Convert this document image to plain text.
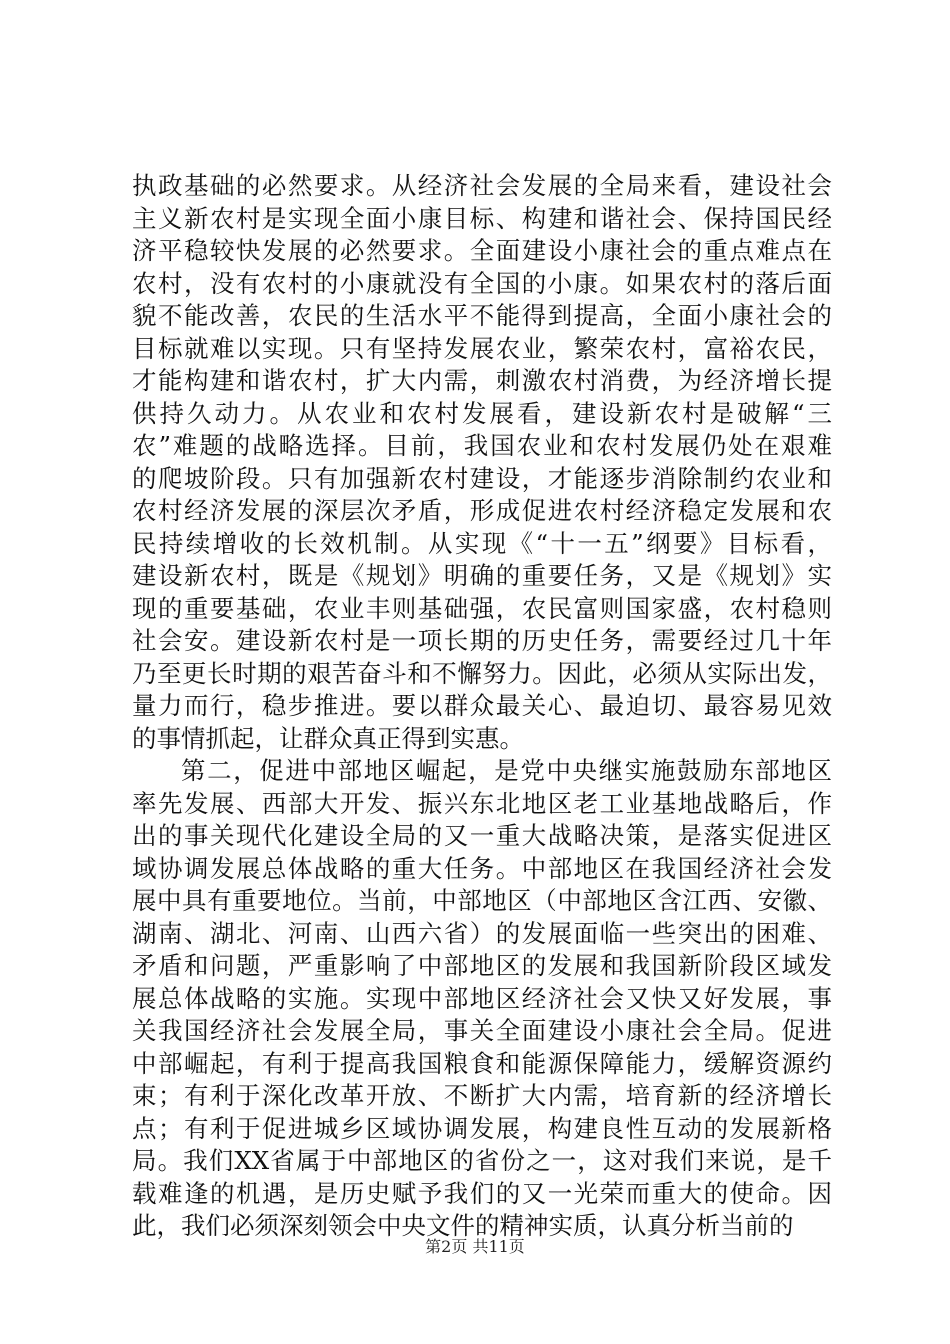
执政基础的必然要求。从经济社会发展的全局来看，建设社会
主义新农村是实现全面小康目标、构建和谐社会、保持国民经
济平稳较快发展的必然要求。全面建设小康社会的重点难点在
农村，没有农村的小康就没有全国的小康。如果农村的落后面
貌不能改善，农民的生活水平不能得到提高，全面小康社会的
目标就难以实现。只有坚持发展农业，繁荣农村，富裕农民，
才能构建和谐农村，扩大内需，刺激农村消费，为经济增长提
供持久动力。从农业和农村发展看，建设新农村是破解“三
农”难题的战略选择。目前，我国农业和农村发展仍处在艰难
的爬坡阶段。只有加强新农村建设，才能逐步消除制约农业和
农村经济发展的深层次矛盾，形成促进农村经济稳定发展和农
民持续增收的长效机制。从实现《“十一五”纲要》目标看，
建设新农村，既是《规划》明确的重要任务，又是《规划》实
现的重要基础，农业丰则基础强，农民富则国家盛，农村稳则
社会安。建设新农村是一项长期的历史任务，需要经过几十年
乃至更长时期的艰苦奋斗和不懈努力。因此，必须从实际出发，
量力而行，稳步推进。要以群众最关心、最迫切、最容易见效
的事情抓起，让群众真正得到实惠。
第二，促进中部地区崛起，是党中央继实施鼓励东部地区
率先发展、西部大开发、振兴东北地区老工业基地战略后，作
出的事关现代化建设全局的又一重大战略决策，是落实促进区
域协调发展总体战略的重大任务。中部地区在我国经济社会发
展中具有重要地位。当前，中部地区（中部地区含江西、安徽、
湖南、湖北、河南、山西六省）的发展面临一些突出的困难、
矛盾和问题，严重影响了中部地区的发展和我国新阶段区域发
展总体战略的实施。实现中部地区经济社会又快又好发展，事
关我国经济社会发展全局，事关全面建设小康社会全局。促进
中部崛起，有利于提高我国粮食和能源保障能力，缓解资源约
束；有利于深化改革开放、不断扩大内需，培育新的经济增长
点；有利于促进城乡区域协调发展，构建良性互动的发展新格
局。我们XX省属于中部地区的省份之一，这对我们来说，是千
载难逢的机遇，是历史赋予我们的又一光荣而重大的使命。因
此，我们必须深刻领会中央文件的精神实质，认真分析当前的
第2页 共11页
